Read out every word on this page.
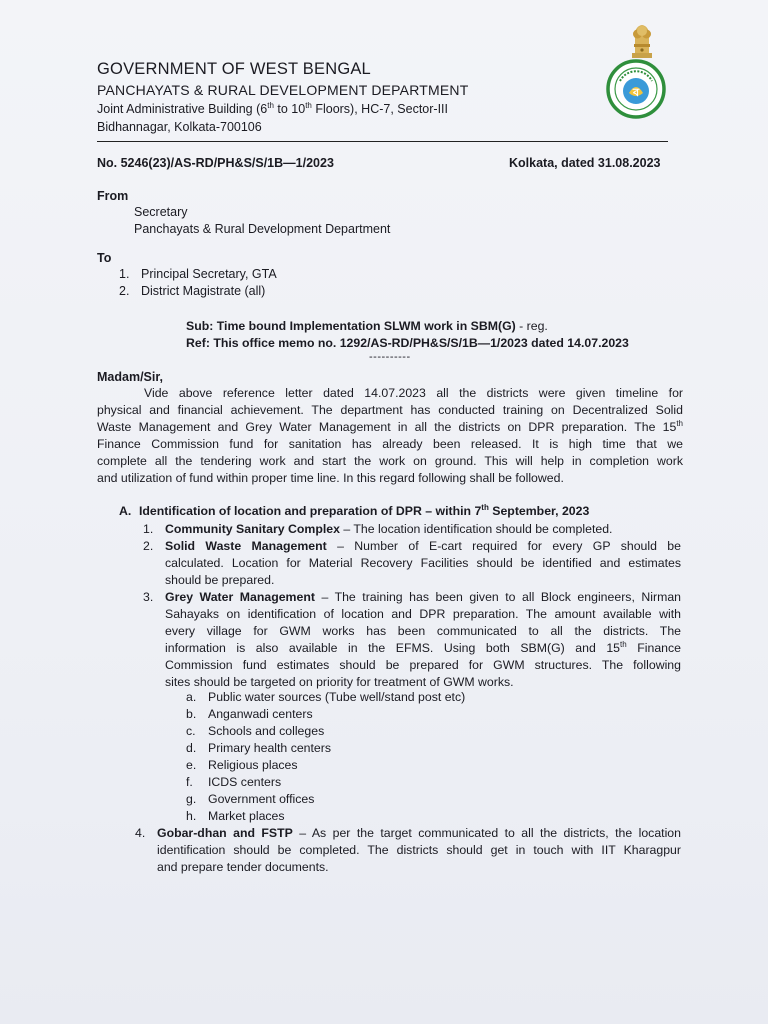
ব
GOVERNMENT OF WEST BENGAL
PANCHAYATS & RURAL DEVELOPMENT DEPARTMENT
Joint Administrative Building (6th to 10th Floors), HC-7, Sector-III
Bidhannagar, Kolkata-700106
No. 5246(23)/AS-RD/PH&S/S/1B—1/2023	Kolkata, dated 31.08.2023
From
Secretary
Panchayats & Rural Development Department
To
1. Principal Secretary, GTA
2. District Magistrate (all)
Sub: Time bound Implementation SLWM work in SBM(G) - reg.
Ref: This office memo no. 1292/AS-RD/PH&S/S/1B—1/2023 dated 14.07.2023
----------
Madam/Sir,
Vide above reference letter dated 14.07.2023 all the districts were given timeline for
physical and financial achievement. The department has conducted training on Decentralized Solid
Waste Management and Grey Water Management in all the districts on DPR preparation. The 15th
Finance Commission fund for sanitation has already been released. It is high time that we
complete all the tendering work and start the work on ground. This will help in completion work
and utilization of fund within proper time line. In this regard following shall be followed.
A. Identification of location and preparation of DPR – within 7th September, 2023
1. Community Sanitary Complex – The location identification should be completed.
2. Solid Waste Management – Number of E-cart required for every GP should be
calculated. Location for Material Recovery Facilities should be identified and estimates
should be prepared.
3. Grey Water Management – The training has been given to all Block engineers, Nirman
Sahayaks on identification of location and DPR preparation. The amount available with
every village for GWM works has been communicated to all the districts. The
information is also available in the EFMS. Using both SBM(G) and 15th Finance
Commission fund estimates should be prepared for GWM structures. The following
sites should be targeted on priority for treatment of GWM works.
a. Public water sources (Tube well/stand post etc)
b. Anganwadi centers
c. Schools and colleges
d. Primary health centers
e. Religious places
f. ICDS centers
g. Government offices
h. Market places
4. Gobar-dhan and FSTP – As per the target communicated to all the districts, the location
identification should be completed. The districts should get in touch with IIT Kharagpur
and prepare tender documents.
